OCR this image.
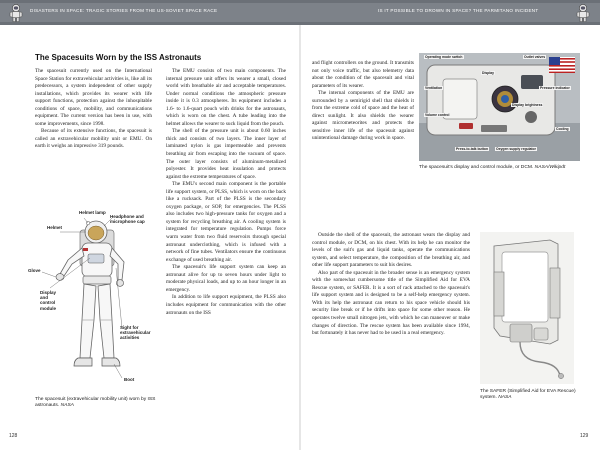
DISASTERS IN SPACE: TRAGIC STORIES FROM THE US-SOVIET SPACE RACE	IS IT POSSIBLE TO DROWN IN SPACE? THE PARMITANO INCIDENT
The Spacesuits Worn by the ISS Astronauts

The spacesuit currently used on the International Space Station for extravehicular activities is, like all its predecessors, a system independent of other supply installations, which provides its wearer with life support functions, protection against the inhospitable conditions of space, mobility, and communications equipment. The current version has been in use, with some improvements, since 1998.

Because of its extensive functions, the spacesuit is called an extravehicular mobility unit or EMU. On earth it weighs an impressive 319 pounds.

The EMU consists of two main components. The internal pressure unit offers its wearer a small, closed world with breathable air and acceptable temperatures. Under normal conditions the atmospheric pressure inside it is 0.3 atmospheres. Its equipment includes a 1.6- to 1.6-quart pouch with drinks for the astronauts, which is worn on the chest. A tube leading into the helmet allows the wearer to suck liquid from the pouch.

The shell of the pressure unit is about 0.60 inches thick and consists of two layers. The inner layer of laminated nylon is gas impermeable and prevents breathing air from escaping into the vacuum of space. The outer layer consists of aluminum-metalized polyester. It provides heat insulation and protects against the extreme temperatures of space.

The EMU's second main component is the portable life support system, or PLSS, which is worn on the back like a rucksack. Part of the PLSS is the secondary oxygen package, or SOP, for emergencies. The PLSS also includes two high-pressure tanks for oxygen and a system for recycling breathing air. A cooling system is integrated for temperature regulation. Pumps force warm water from two fluid reservoirs through special astronaut underclothing, which is infused with a network of fine tubes. Ventilators ensure the continuous exchange of used breathing air.

The spacesuit's life support system can keep an astronaut alive for up to seven hours under light to moderate physical loads, and up to an hour longer in an emergency.

In addition to life support equipment, the PLSS also includes equipment for communication with the other astronauts on the ISS

and flight controllers on the ground. It transmits not only voice traffic, but also telemetry data about the condition of the spacesuit and vital parameters of its wearer.

The internal components of the EMU are surrounded by a semirigid shell that shields it from the extreme cold of space and the heat of direct sunlight. It also shields the wearer against micrometeorites and protects the sensitive inner life of the spacesuit against unintentional damage during work in space.

Outside the shell of the spacesuit, the astronaut wears the display and control module, or DCM, on his chest. With its help he can monitor the levels of the suit's gas and liquid tanks, operate the communications system, and select temperature, the composition of the breathing air, and other life support parameters to suit his desires.

Also part of the spacesuit in the broader sense is an emergency system with the somewhat cumbersome title of the Simplified Aid for EVA Rescue system, or SAFER. It is a sort of rack attached to the spacesuit's life support system and is designed to be a self-help emergency system. With its help the astronaut can return to his space vehicle should his security line break or if he drifts into space for some other reason. He operates twelve small nitrogen jets, with which he can maneuver or make changes of direction. The rescue system has been available since 1994, but fortunately it has never had to be used in a real emergency.

Helmet lamp
Helmet
Headphone and microphone cap
Glove
Display and control module
Sight for extravehicular activities
Boot
The spacesuit (extravehicular mobility unit) worn by ISS astronauts. NASA
Operating mode switch	Outlet valves
Display
Ventilation	Pressure indicator
Display brightness
Volume control
Cooling
Press-to-talk button Oxygen supply regulator
The spacesuit's display and control module, or DCM. NASA/Wikipdt
The SAFER (Simplified Aid for EVA Rescue) system. NASA
128	129
